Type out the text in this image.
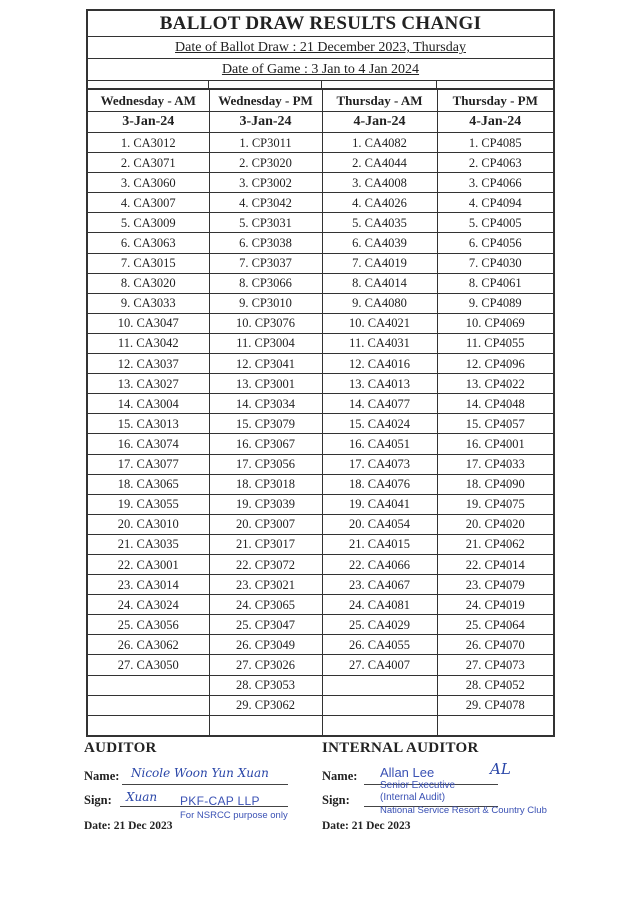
BALLOT DRAW RESULTS CHANGI
Date of Ballot Draw : 21 December 2023, Thursday
Date of Game : 3 Jan to 4 Jan 2024
Wednesday - AM	Wednesday - PM	Thursday - AM	Thursday - PM
3-Jan-24	3-Jan-24	4-Jan-24	4-Jan-24
1. CA3012	1. CP3011	1. CA4082	1. CP4085
2. CA3071	2. CP3020	2. CA4044	2. CP4063
3. CA3060	3. CP3002	3. CA4008	3. CP4066
4. CA3007	4. CP3042	4. CA4026	4. CP4094
5. CA3009	5. CP3031	5. CA4035	5. CP4005
6. CA3063	6. CP3038	6. CA4039	6. CP4056
7. CA3015	7. CP3037	7. CA4019	7. CP4030
8. CA3020	8. CP3066	8. CA4014	8. CP4061
9. CA3033	9. CP3010	9. CA4080	9. CP4089
10. CA3047	10. CP3076	10. CA4021	10. CP4069
11. CA3042	11. CP3004	11. CA4031	11. CP4055
12. CA3037	12. CP3041	12. CA4016	12. CP4096
13. CA3027	13. CP3001	13. CA4013	13. CP4022
14. CA3004	14. CP3034	14. CA4077	14. CP4048
15. CA3013	15. CP3079	15. CA4024	15. CP4057
16. CA3074	16. CP3067	16. CA4051	16. CP4001
17. CA3077	17. CP3056	17. CA4073	17. CP4033
18. CA3065	18. CP3018	18. CA4076	18. CP4090
19. CA3055	19. CP3039	19. CA4041	19. CP4075
20. CA3010	20. CP3007	20. CA4054	20. CP4020
21. CA3035	21. CP3017	21. CA4015	21. CP4062
22. CA3001	22. CP3072	22. CA4066	22. CP4014
23. CA3014	23. CP3021	23. CA4067	23. CP4079
24. CA3024	24. CP3065	24. CA4081	24. CP4019
25. CA3056	25. CP3047	25. CA4029	25. CP4064
26. CA3062	26. CP3049	26. CA4055	26. CP4070
27. CA3050	27. CP3026	27. CA4007	27. CP4073
	28. CP3053		28. CP4052
	29. CP3062		29. CP4078

AUDITOR
Name: Nicole Woon Yun Xuan
Sign: Xuan PKF-CAP LLP
For NSRCC purpose only
Date: 21 Dec 2023
INTERNAL AUDITOR
Name: Allan Lee	AL
Senior Executive
Sign:	(Internal Audit)
National Service Resort & Country Club
Date: 21 Dec 2023
